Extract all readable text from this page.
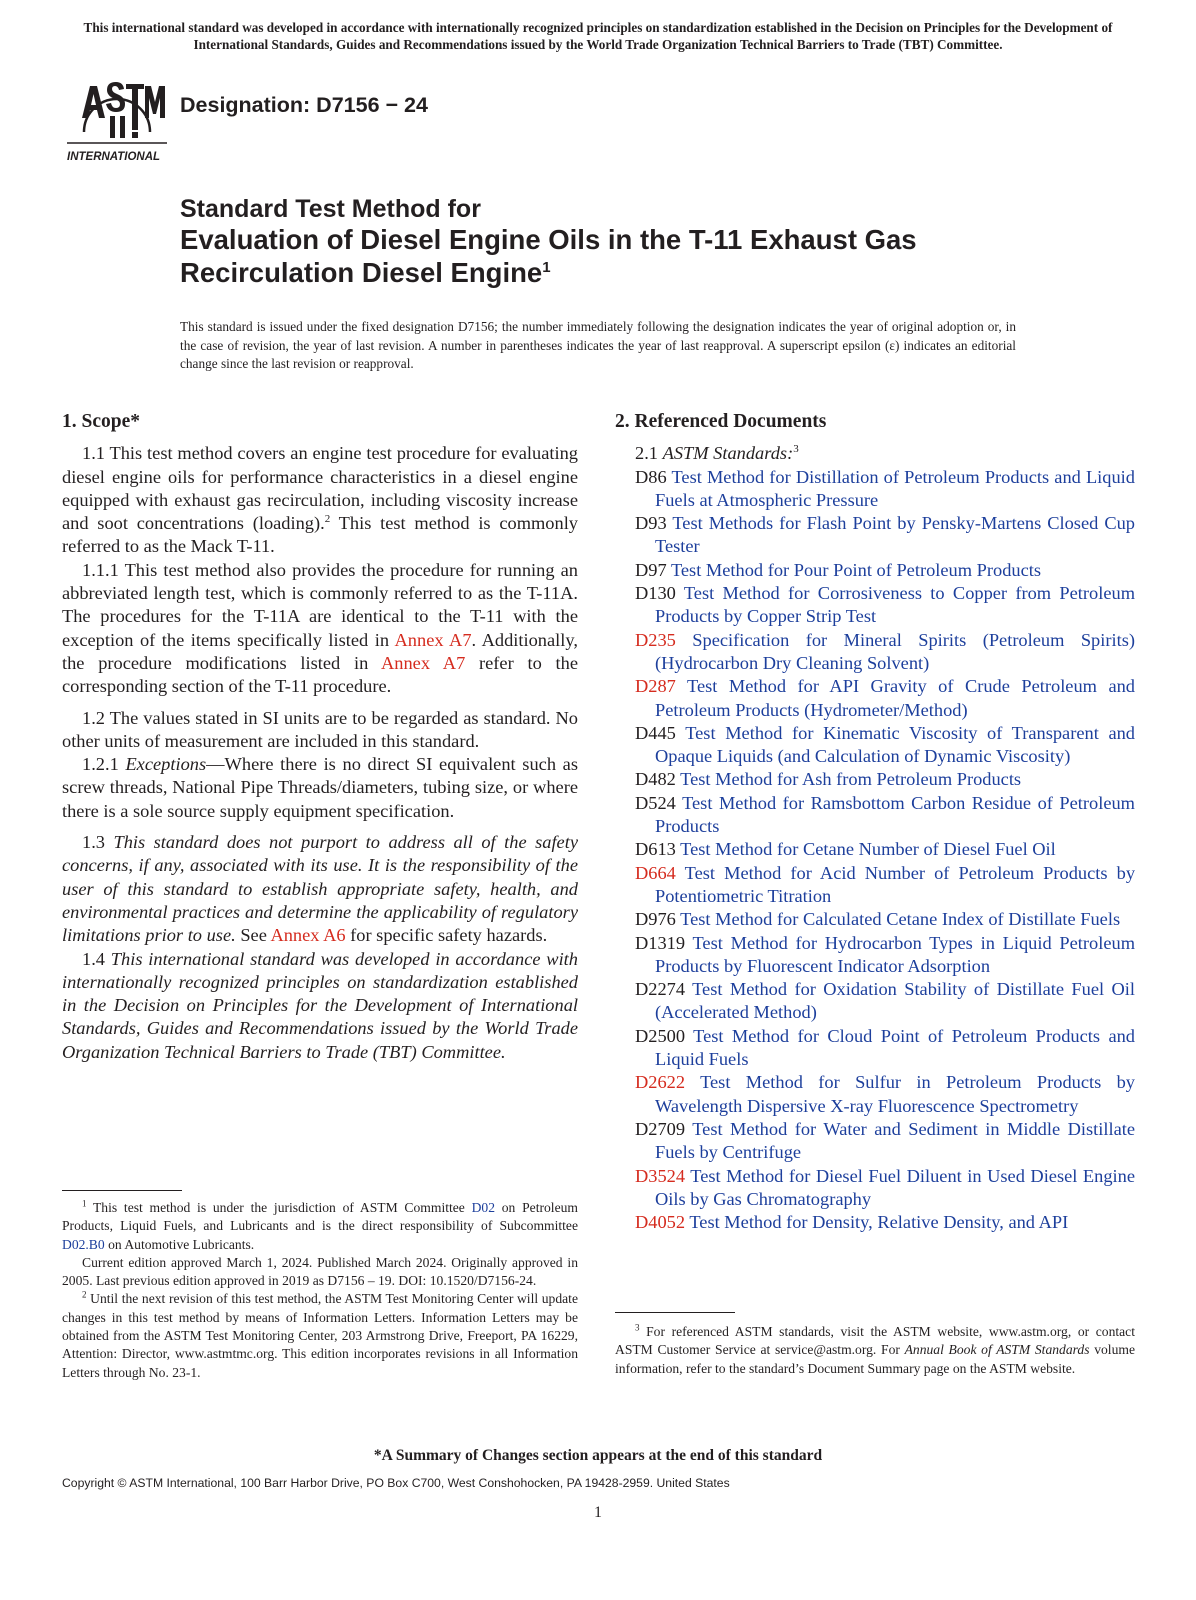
This international standard was developed in accordance with internationally recognized principles on standardization established in the Decision on Principles for the Development of International Standards, Guides and Recommendations issued by the World Trade Organization Technical Barriers to Trade (TBT) Committee.
INTERNATIONAL
Designation: D7156 − 24
Standard Test Method for
Evaluation of Diesel Engine Oils in the T-11 Exhaust Gas
Recirculation Diesel Engine$^1$
This standard is issued under the fixed designation D7156; the number immediately following the designation indicates the year of original adoption or, in the case of revision, the year of last revision. A number in parentheses indicates the year of last reapproval. A superscript epsilon (ε) indicates an editorial change since the last revision or reapproval.
1. Scope*

1.1 This test method covers an engine test procedure for evaluating diesel engine oils for performance characteristics in a diesel engine equipped with exhaust gas recirculation, including viscosity increase and soot concentrations (loading).$^2$ This test method is commonly referred to as the Mack T-11.

1.1.1 This test method also provides the procedure for running an abbreviated length test, which is commonly referred to as the T-11A. The procedures for the T-11A are identical to the T-11 with the exception of the items specifically listed in Annex A7. Additionally, the procedure modifications listed in Annex A7 refer to the corresponding section of the T-11 procedure.

1.2 The values stated in SI units are to be regarded as standard. No other units of measurement are included in this standard.

1.2.1 Exceptions—Where there is no direct SI equivalent such as screw threads, National Pipe Threads/diameters, tubing size, or where there is a sole source supply equipment specification.

1.3 This standard does not purport to address all of the safety concerns, if any, associated with its use. It is the responsibility of the user of this standard to establish appropriate safety, health, and environmental practices and determine the applicability of regulatory limitations prior to use. See Annex A6 for specific safety hazards.

1.4 This international standard was developed in accordance with internationally recognized principles on standardization established in the Decision on Principles for the Development of International Standards, Guides and Recommendations issued by the World Trade Organization Technical Barriers to Trade (TBT) Committee.

2. Referenced Documents
2.1 ASTM Standards:$^3$
D86 Test Method for Distillation of Petroleum Products and Liquid Fuels at Atmospheric Pressure
D93 Test Methods for Flash Point by Pensky-Martens Closed Cup Tester
D97 Test Method for Pour Point of Petroleum Products
D130 Test Method for Corrosiveness to Copper from Petroleum Products by Copper Strip Test
D235 Specification for Mineral Spirits (Petroleum Spirits) (Hydrocarbon Dry Cleaning Solvent)
D287 Test Method for API Gravity of Crude Petroleum and Petroleum Products (Hydrometer/Method)
D445 Test Method for Kinematic Viscosity of Transparent and Opaque Liquids (and Calculation of Dynamic Viscosity)
D482 Test Method for Ash from Petroleum Products
D524 Test Method for Ramsbottom Carbon Residue of Petroleum Products
D613 Test Method for Cetane Number of Diesel Fuel Oil
D664 Test Method for Acid Number of Petroleum Products by Potentiometric Titration
D976 Test Method for Calculated Cetane Index of Distillate Fuels
D1319 Test Method for Hydrocarbon Types in Liquid Petroleum Products by Fluorescent Indicator Adsorption
D2274 Test Method for Oxidation Stability of Distillate Fuel Oil (Accelerated Method)
D2500 Test Method for Cloud Point of Petroleum Products and Liquid Fuels
D2622 Test Method for Sulfur in Petroleum Products by Wavelength Dispersive X-ray Fluorescence Spectrometry
D2709 Test Method for Water and Sediment in Middle Distillate Fuels by Centrifuge
D3524 Test Method for Diesel Fuel Diluent in Used Diesel Engine Oils by Gas Chromatography
D4052 Test Method for Density, Relative Density, and API

$^1$ This test method is under the jurisdiction of ASTM Committee D02 on Petroleum Products, Liquid Fuels, and Lubricants and is the direct responsibility of Subcommittee D02.B0 on Automotive Lubricants.

Current edition approved March 1, 2024. Published March 2024. Originally approved in 2005. Last previous edition approved in 2019 as D7156 – 19. DOI: 10.1520/D7156-24.

$^2$ Until the next revision of this test method, the ASTM Test Monitoring Center will update changes in this test method by means of Information Letters. Information Letters may be obtained from the ASTM Test Monitoring Center, 203 Armstrong Drive, Freeport, PA 16229, Attention: Director, www.astmtmc.org. This edition incorporates revisions in all Information Letters through No. 23-1.

$^3$ For referenced ASTM standards, visit the ASTM website, www.astm.org, or contact ASTM Customer Service at service@astm.org. For Annual Book of ASTM Standards volume information, refer to the standard’s Document Summary page on the ASTM website.

*A Summary of Changes section appears at the end of this standard
Copyright © ASTM International, 100 Barr Harbor Drive, PO Box C700, West Conshohocken, PA 19428-2959. United States
1
